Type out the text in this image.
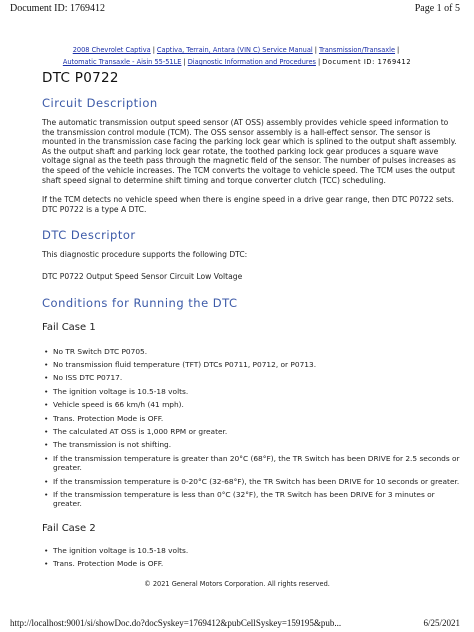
Document ID: 1769412	Page 1 of 5
2008 Chevrolet Captiva | Captiva, Terrain, Antara (VIN C) Service Manual | Transmission/Transaxle |
Automatic Transaxle - Aisin 55-51LE | Diagnostic Information and Procedures | Document ID: 1769412
DTC P0722
Circuit Description

The automatic transmission output speed sensor (AT OSS) assembly provides vehicle speed information to the transmission control module (TCM). The OSS sensor assembly is a hall-effect sensor. The sensor is mounted in the transmission case facing the parking lock gear which is splined to the output shaft assembly. As the output shaft and parking lock gear rotate, the toothed parking lock gear produces a square wave voltage signal as the teeth pass through the magnetic field of the sensor. The number of pulses increases as the speed of the vehicle increases. The TCM converts the voltage to vehicle speed. The TCM uses the output shaft speed signal to determine shift timing and torque converter clutch (TCC) scheduling.

If the TCM detects no vehicle speed when there is engine speed in a drive gear range, then DTC P0722 sets. DTC P0722 is a type A DTC.

DTC Descriptor

This diagnostic procedure supports the following DTC:

DTC P0722 Output Speed Sensor Circuit Low Voltage

Conditions for Running the DTC
Fail Case 1
• No TR Switch DTC P0705.
• No transmission fluid temperature (TFT) DTCs P0711, P0712, or P0713.
• No ISS DTC P0717.
• The ignition voltage is 10.5-18 volts.
• Vehicle speed is 66 km/h (41 mph).
• Trans. Protection Mode is OFF.
• The calculated AT OSS is 1,000 RPM or greater.
• The transmission is not shifting.
• If the transmission temperature is greater than 20°C (68°F), the TR Switch has been DRIVE for 2.5 seconds or greater.
• If the transmission temperature is 0-20°C (32-68°F), the TR Switch has been DRIVE for 10 seconds or greater.
• If the transmission temperature is less than 0°C (32°F), the TR Switch has been DRIVE for 3 minutes or greater.
Fail Case 2
• The ignition voltage is 10.5-18 volts.
• Trans. Protection Mode is OFF.
© 2021 General Motors Corporation. All rights reserved.
http://localhost:9001/si/showDoc.do?docSyskey=1769412&pubCellSyskey=159195&pub...	6/25/2021
